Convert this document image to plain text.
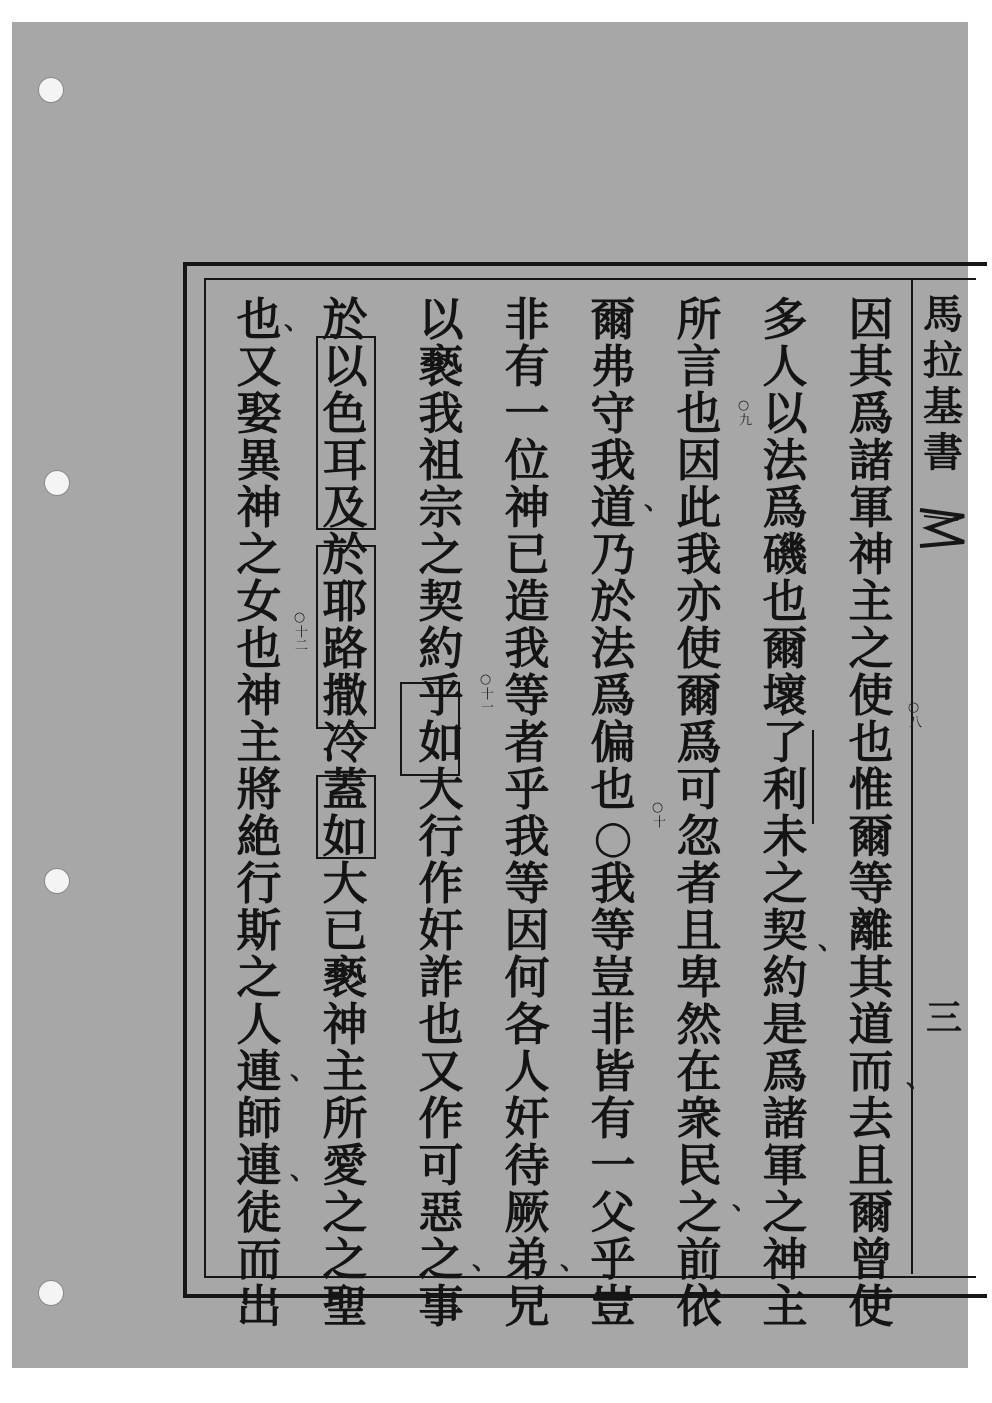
馬
拉
基
書
三
因
其
爲
諸
軍
神
主
之
使
也
惟
爾
等
離
其
道
而
去
且
爾
曾
使
多
人
以
法
爲
磯
也
爾
壞
了
利
未
之
契
約
是
爲
諸
軍
之
神
主
所
言
也
因
此
我
亦
使
爾
爲
可
忽
者
且
卑
然
在
衆
民
之
前
依
爾
弗
守
我
道
乃
於
法
爲
偏
也
○
我
等
豈
非
皆
有
一
父
乎
豈
非
有
一
位
神
已
造
我
等
者
乎
我
等
因
何
各
人
奸
待
厥
弟
兄
以
褻
我
祖
宗
之
契
約
乎
如
大
行
作
奸
詐
也
又
作
可
惡
之
事
於
以
色
耳
及
於
耶
路
撒
冷
蓋
如
大
已
褻
神
主
所
愛
之
之
聖
也
又
娶
異
神
之
女
也
神
主
將
絶
行
斯
之
人
連
師
連
徒
而
出
○八
○九
○十
○十一
○十二
、
、
、
、
、
、
、
、
、
